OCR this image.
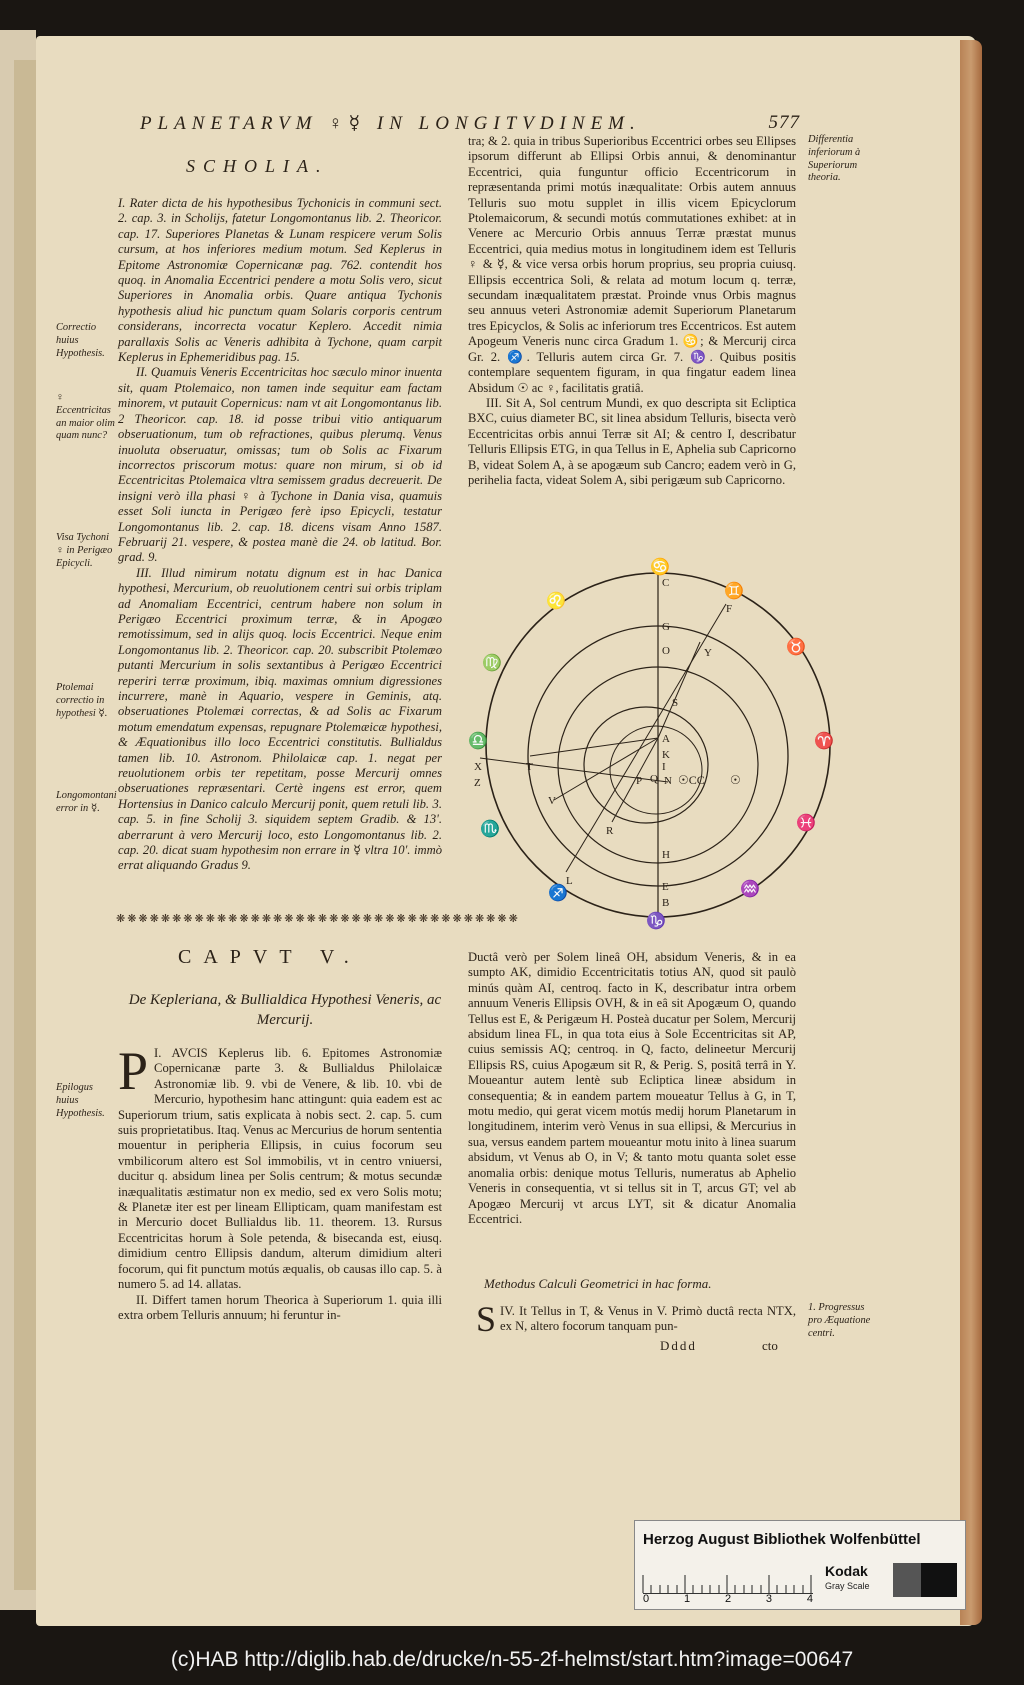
PLANETARVM ♀☿ IN LONGITVDINEM.	577
SCHOLIA.

I. Rater dicta de his hypothesibus Tychonicis in communi sect. 2. cap. 3. in Scholijs, fatetur Longomontanus lib. 2. Theoricor. cap. 17. Superiores Planetas & Lunam respicere verum Solis cursum, at hos inferiores medium motum. Sed Keplerus in Epitome Astronomiæ Copernicanæ pag. 762. contendit hos quoq. in Anomalia Eccentrici pendere a motu Solis vero, sicut Superiores in Anomalia orbis. Quare antiqua Tychonis hypothesis aliud hic punctum quam Solaris corporis centrum considerans, incorrecta vocatur Keplero. Accedit nimia parallaxis Solis ac Veneris adhibita à Tychone, quam carpit Keplerus in Ephemeridibus pag. 15.

II. Quamuis Veneris Eccentricitas hoc sæculo minor inuenta sit, quam Ptolemaico, non tamen inde sequitur eam factam minorem, vt putauit Copernicus: nam vt ait Longomontanus lib. 2 Theoricor. cap. 18. id posse tribui vitio antiquarum obseruationum, tum ob refractiones, quibus plerumq. Venus inuoluta obseruatur, omissas; tum ob Solis ac Fixarum incorrectos priscorum motus: quare non mirum, si ob id Eccentricitas Ptolemaica vltra semissem gradus decreuerit. De insigni verò illa phasi ♀ à Tychone in Dania visa, quamuis esset Soli iuncta in Perigæo ferè ipso Epicycli, testatur Longomontanus lib. 2. cap. 18. dicens visam Anno 1587. Februarij 21. vespere, & postea manè die 24. ob latitud. Bor. grad. 9.

III. Illud nimirum notatu dignum est in hac Danica hypothesi, Mercurium, ob reuolutionem centri sui orbis triplam ad Anomaliam Eccentrici, centrum habere non solum in Perigæo Eccentrici proximum terræ, & in Apogæo remotissimum, sed in alijs quoq. locis Eccentrici. Neque enim Longomontanus lib. 2. Theoricor. cap. 20. subscribit Ptolemæo putanti Mercurium in solis sextantibus à Perigæo Eccentrici reperiri terræ proximum, ibiq. maximas omnium digressiones incurrere, manè in Aquario, vespere in Geminis, atq. obseruationes Ptolemæi correctas, & ad Solis ac Fixarum motum emendatum expensas, repugnare Ptolemæicæ hypothesi, & Æquationibus illo loco Eccentrici constitutis. Bullialdus tamen lib. 10. Astronom. Philolaicæ cap. 1. negat per reuolutionem orbis ter repetitam, posse Mercurij omnes obseruationes repræsentari. Certè ingens est error, quem Hortensius in Danico calculo Mercurij ponit, quem retuli lib. 3. cap. 5. in fine Scholij 3. siquidem septem Gradib. & 13'. aberrarunt à vero Mercurij loco, esto Longomontanus lib. 2. cap. 20. dicat suam hypothesim non errare in ☿ vltra 10'. immò errat aliquando Gradus 9.

Correctio huius Hypothesis.
♀ Eccentricitas an maior olim quam nunc?
Visa Tychoni ♀ in Perigæo Epicycli.
Ptolemai correctio in hypothesi ☿.
Longomontani error in ☿.

tra; & 2. quia in tribus Superioribus Eccentrici orbes seu Ellipses ipsorum differunt ab Ellipsi Orbis annui, & denominantur Eccentrici, quia funguntur officio Eccentricorum in repræsentanda primi motús inæqualitate: Orbis autem annuus Telluris suo motu supplet in illis vicem Epicyclorum Ptolemaicorum, & secundi motús commutationes exhibet: at in Venere ac Mercurio Orbis annuus Terræ præstat munus Eccentrici, quia medius motus in longitudinem idem est Telluris ♀ & ☿, & vice versa orbis horum proprius, seu propria cuiusq. Ellipsis eccentrica Soli, & relata ad motum locum q. terræ, secundam inæqualitatem præstat. Proinde vnus Orbis magnus seu annuus veteri Astronomiæ ademit Superiorum Planetarum tres Epicyclos, & Solis ac inferiorum tres Eccentricos. Est autem Apogeum Veneris nunc circa Gradum 1. ♋; & Mercurij circa Gr. 2. ♐. Telluris autem circa Gr. 7. ♑. Quibus positis contemplare sequentem figuram, in qua fingatur eadem linea Absidum ☉ ac ♀, facilitatis gratiâ.

III. Sit A, Sol centrum Mundi, ex quo descripta sit Ecliptica BXC, cuius diameter BC, sit linea absidum Telluris, bisecta verò Eccentricitas orbis annui Terræ sit AI; & centro I, describatur Telluris Ellipsis ETG, in qua Tellus in E, Aphelia sub Capricorno B, videat Solem A, à se apogæum sub Cancro; eadem verò in G, perihelia facta, videat Solem A, sibi perigæum sub Capricorno.

Differentia inferiorum à Superiorum theoria.
♋
♊
♉
♈
♓
♒
♑
♐
♏
♎
♍
♌
C
F
G
O	Y
S
A
K
I
N
P Q
T
V
R
X
Z
H
E
L
B
☉CC ☉
❋❋❋❋❋❋❋❋❋❋❋❋❋❋❋❋❋❋❋❋❋❋❋❋❋❋❋❋❋❋❋❋❋❋❋❋
CAPVT V.
De Kepleriana, & Bullialdica Hypothesi Veneris, ac Mercurij.

P I. AVCIS Keplerus lib. 6. Epitomes Astronomiæ Copernicanæ parte 3. & Bullialdus Philolaicæ Astronomiæ lib. 9. vbi de Venere, & lib. 10. vbi de Mercurio, hypothesim hanc attingunt: quia eadem est ac Superiorum trium, satis explicata à nobis sect. 2. cap. 5. cum suis proprietatibus. Itaq. Venus ac Mercurius de horum sententia mouentur in peripheria Ellipsis, in cuius focorum seu vmbilicorum altero est Sol immobilis, vt in centro vniuersi, ducitur q. absidum linea per Solis centrum; & motus secundæ inæqualitatis æstimatur non ex medio, sed ex vero Solis motu; & Planetæ iter est per lineam Ellipticam, quam manifestam est in Mercurio docet Bullialdus lib. 11. theorem. 13. Rursus Eccentricitas horum à Sole petenda, & bisecanda est, eiusq. dimidium centro Ellipsis dandum, alterum dimidium alteri focorum, qui fit punctum motús æqualis, ob causas illo cap. 5. à numero 5. ad 14. allatas.

II. Differt tamen horum Theorica à Superiorum 1. quia illi extra orbem Telluris annuum; hi feruntur in-

Epilogus huius Hypothesis.

Ductâ verò per Solem lineâ OH, absidum Veneris, & in ea sumpto AK, dimidio Eccentricitatis totius AN, quod sit paulò minús quàm AI, centroq. facto in K, describatur intra orbem annuum Veneris Ellipsis OVH, & in eâ sit Apogæum O, quando Tellus est E, & Perigæum H. Posteà ducatur per Solem, Mercurij absidum linea FL, in qua tota eius à Sole Eccentricitas sit AP, cuius semissis AQ; centroq. in Q, facto, delineetur Mercurij Ellipsis RS, cuius Apogæum sit R, & Perig. S, positâ terrâ in Y. Moueantur autem lentè sub Ecliptica lineæ absidum in consequentia; & in eandem partem moueatur Tellus à G, in T, motu medio, qui gerat vicem motús medij horum Planetarum in longitudinem, interim verò Venus in sua ellipsi, & Mercurius in sua, versus eandem partem moueantur motu inito à linea suarum absidum, vt Venus ab O, in V; & tanto motu quanta solet esse anomalia orbis: denique motus Telluris, numeratus ab Aphelio Veneris in consequentia, vt si tellus sit in T, arcus GT; vel ab Apogæo Mercurij vt arcus LYT, sit & dicatur Anomalia Eccentrici.

Methodus Calculi Geometrici in hac forma.

IV.
S It Tellus in T, & Venus in V. Primò ductâ recta NTX, ex N, altero focorum tanquam pun-

1. Progressus pro Æquatione centri.
Dddd	cto
Herzog August Bibliothek Wolfenbüttel
0	1	2	3	4
Kodak
Gray Scale
(c)HAB http://diglib.hab.de/drucke/n-55-2f-helmst/start.htm?image=00647
